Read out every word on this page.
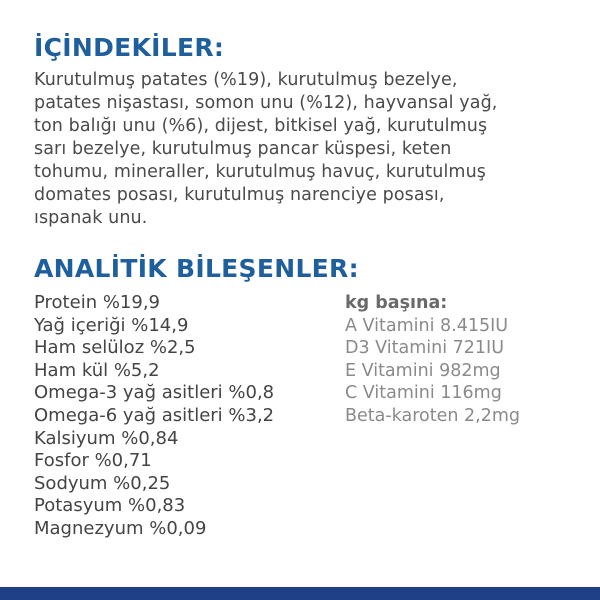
İÇİNDEKİLER:

Kurutulmuş patates (%19), kurutulmuş bezelye,
patates nişastası, somon unu (%12), hayvansal yağ,
ton balığı unu (%6), dijest, bitkisel yağ, kurutulmuş
sarı bezelye, kurutulmuş pancar küspesi, keten
tohumu, mineraller, kurutulmuş havuç, kurutulmuş
domates posası, kurutulmuş narenciye posası,
ıspanak unu.

ANALİTİK BİLEŞENLER:
Protein %19,9
Yağ içeriği %14,9
Ham selüloz %2,5
Ham kül %5,2
Omega-3 yağ asitleri %0,8
Omega-6 yağ asitleri %3,2
Kalsiyum %0,84
Fosfor %0,71
Sodyum %0,25
Potasyum %0,83
Magnezyum %0,09
kg başına:
A Vitamini 8.415IU
D3 Vitamini 721IU
E Vitamini 982mg
C Vitamini 116mg
Beta-karoten 2,2mg
